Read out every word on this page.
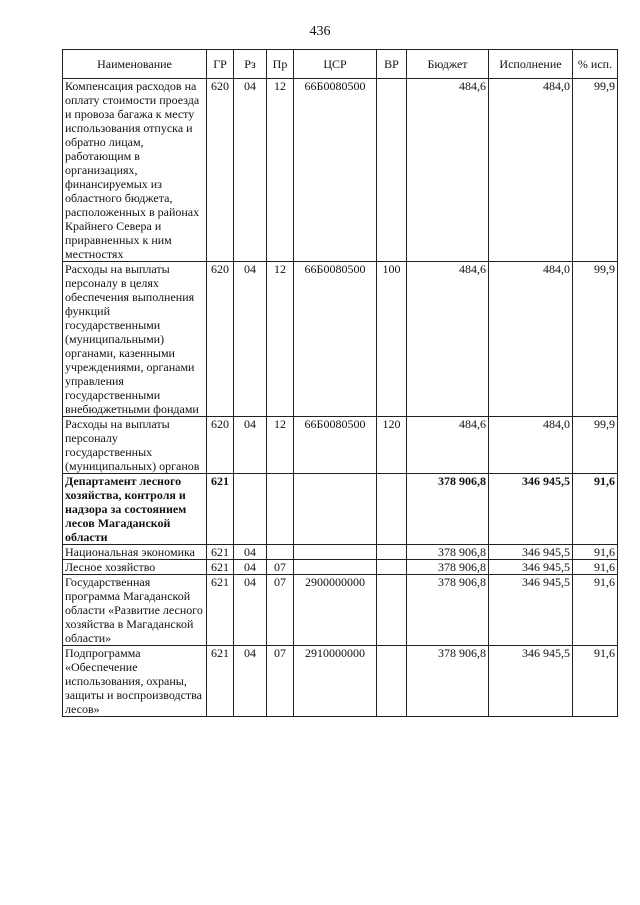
436
Наименование	ГР	Рз	Пр	ЦСР	ВР	Бюджет	Исполнение	% исп.
Компенсация расходов на оплату стоимости проезда и провоза багажа к месту использования отпуска и обратно лицам, работающим в организациях, финансируемых из областного бюджета, расположенных в районах Крайнего Севера и приравненных к ним местностях	620	04	12	66Б0080500		484,6	484,0	99,9
Расходы на выплаты персоналу в целях обеспечения выполнения функций государственными (муниципальными) органами, казенными учреждениями, органами управления государственными внебюджетными фондами	620	04	12	66Б0080500	100	484,6	484,0	99,9
Расходы на выплаты персоналу государственных (муниципальных) органов	620	04	12	66Б0080500	120	484,6	484,0	99,9
Департамент лесного хозяйства, контроля и надзора за состоянием лесов Магаданской области	621					378 906,8	346 945,5	91,6
Национальная экономика	621	04				378 906,8	346 945,5	91,6
Лесное хозяйство	621	04	07			378 906,8	346 945,5	91,6
Государственная программа Магаданской области «Развитие лесного хозяйства в Магаданской области»	621	04	07	2900000000		378 906,8	346 945,5	91,6
Подпрограмма «Обеспечение использования, охраны, защиты и воспроизводства лесов»	621	04	07	2910000000		378 906,8	346 945,5	91,6
